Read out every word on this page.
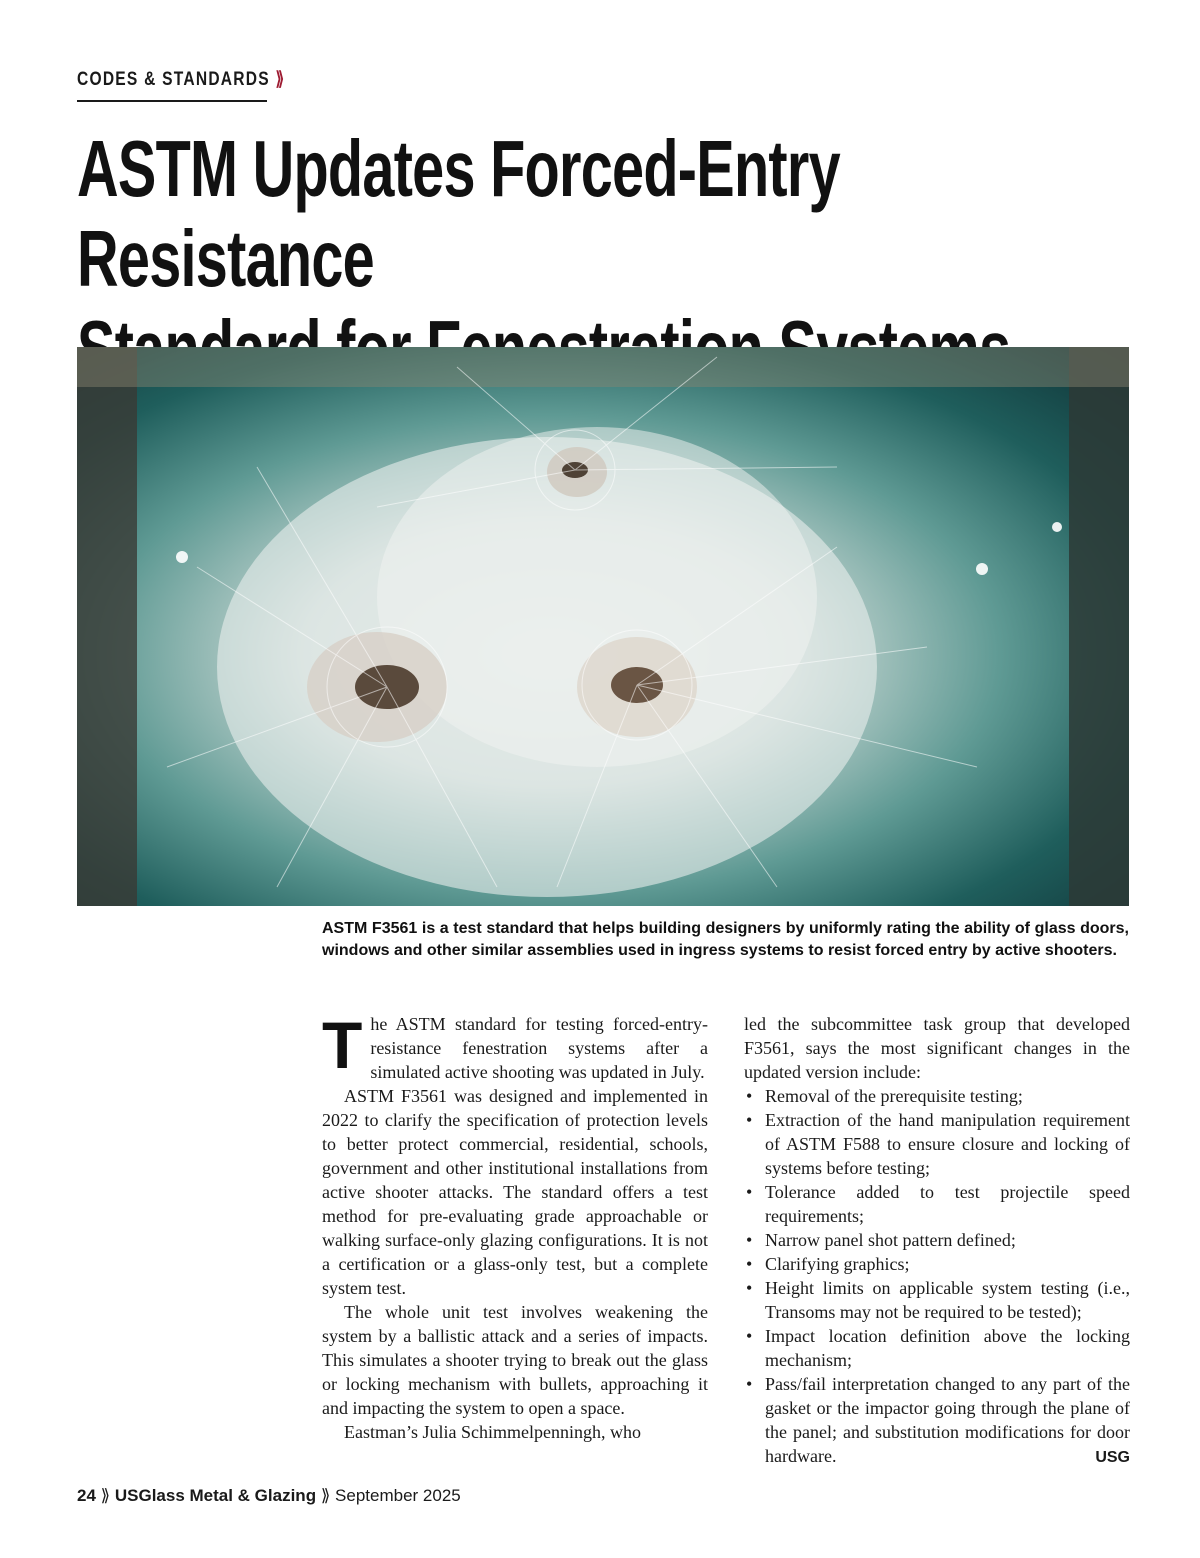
CODES & STANDARDS ⟫
ASTM Updates Forced-Entry Resistance
ASTM F3561 is a test standard that helps building designers by uniformly rating the ability of glass doors, windows and other similar assemblies used in ingress systems to resist forced entry by active shooters.

The ASTM standard for testing forced-entry-resistance fenestration systems after a simulated active shooting was updated in July.

ASTM F3561 was designed and implemented in 2022 to clarify the specification of protection levels to better protect commercial, residential, schools, government and other institutional installations from active shooter attacks. The standard offers a test method for pre-evaluating grade approachable or walking surface-only glazing configurations. It is not a certification or a glass-only test, but a complete system test.

The whole unit test involves weakening the system by a ballistic attack and a series of impacts. This simulates a shooter trying to break out the glass or locking mechanism with bullets, approaching it and impacting the system to open a space.

Eastman’s Julia Schimmelpenningh, who

led the subcommittee task group that developed F3561, says the most significant changes in the updated version include:

• Removal of the prerequisite testing;
• Extraction of the hand manipulation requirement of ASTM F588 to ensure closure and locking of systems before testing;
• Tolerance added to test projectile speed requirements;
• Narrow panel shot pattern defined;
• Clarifying graphics;
• Height limits on applicable system testing (i.e., Transoms may not be required to be tested);
• Impact location definition above the locking mechanism;
• Pass/fail interpretation changed to any part of the gasket or the impactor going through the plane of the panel; and substitution modifications for door hardware.	USG
24 ⟫ USGlass Metal & Glazing ⟫ September 2025
